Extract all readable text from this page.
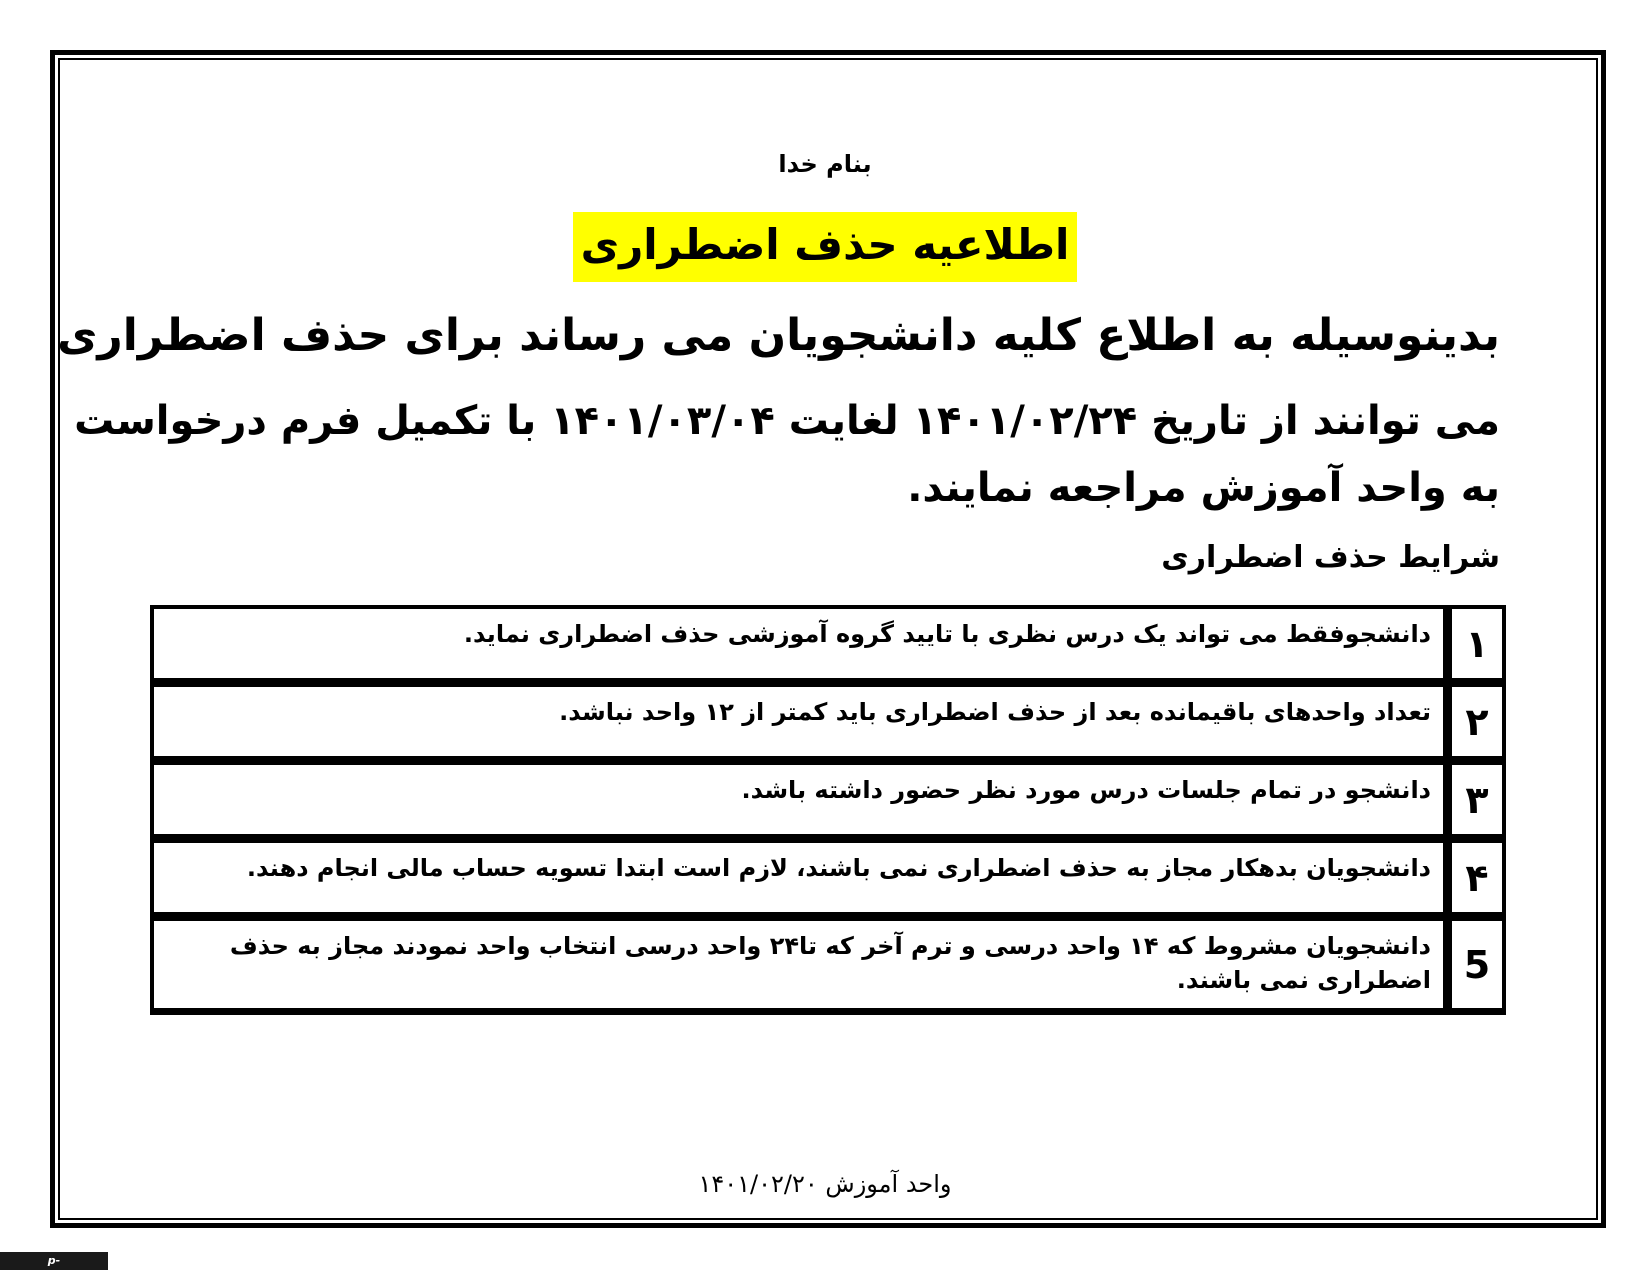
بنام خدا
اطلاعیه حذف اضطراری
بدینوسیله به اطلاع کلیه دانشجویان می رساند برای حذف اضطراری
می توانند از تاریخ ۱۴۰۱/۰۲/۲۴ لغایت ۱۴۰۱/۰۳/۰۴ با تکمیل فرم درخواست
به واحد آموزش مراجعه نمایند.
شرایط حذف اضطراری
۱
دانشجوفقط می تواند یک درس نظری با تایید گروه آموزشی حذف اضطراری نماید.
۲
تعداد واحدهای باقیمانده بعد از حذف اضطراری باید کمتر از ۱۲ واحد نباشد.
۳
دانشجو در تمام جلسات درس مورد نظر حضور داشته باشد.
۴
دانشجویان بدهکار مجاز به حذف اضطراری نمی باشند، لازم است ابتدا تسویه حساب مالی انجام دهند.
5
دانشجویان مشروط که ۱۴ واحد درسی و ترم آخر که تا۲۴ واحد درسی انتخاب واحد نمودند مجاز به حذف اضطراری نمی باشند.
واحد آموزش ۱۴۰۱/۰۲/۲۰
p-shirvan.tvu.ac.ir
